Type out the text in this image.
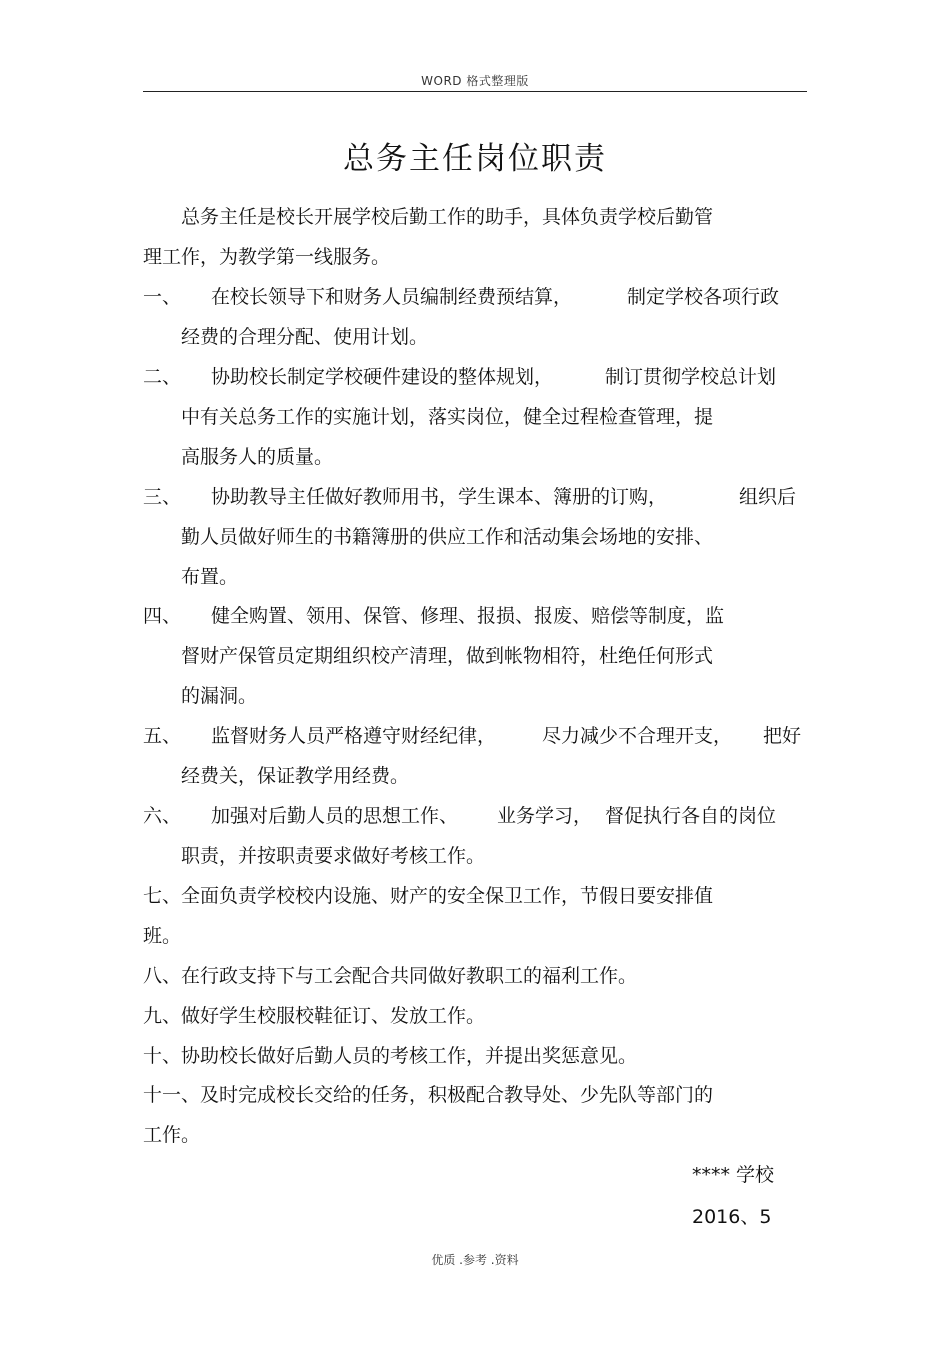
WORD 格式整理版
总务主任岗位职责
总务主任是校长开展学校后勤工作的助手，具体负责学校后勤管
理工作，为教学第一线服务。
一、 在校长领导下和财务人员编制经费预结算，	制定学校各项行政
经费的合理分配、使用计划。
二、 协助校长制定学校硬件建设的整体规划，	制订贯彻学校总计划
中有关总务工作的实施计划，落实岗位，健全过程检查管理，提
高服务人的质量。
三、 协助教导主任做好教师用书，学生课本、簿册的订购，	组织后
勤人员做好师生的书籍簿册的供应工作和活动集会场地的安排、
布置。
四、 健全购置、领用、保管、修理、报损、报废、赔偿等制度，监
督财产保管员定期组织校产清理，做到帐物相符，杜绝任何形式
的漏洞。
五、 监督财务人员严格遵守财经纪律， 尽力减少不合理开支， 把好
经费关，保证教学用经费。
六、 加强对后勤人员的思想工作、 业务学习， 督促执行各自的岗位
职责，并按职责要求做好考核工作。
七、全面负责学校校内设施、财产的安全保卫工作，节假日要安排值
班。
八、在行政支持下与工会配合共同做好教职工的福利工作。
九、做好学生校服校鞋征订、发放工作。
十、协助校长做好后勤人员的考核工作，并提出奖惩意见。
十一、及时完成校长交给的任务，积极配合教导处、少先队等部门的
工作。
**** 学校
2016、5
优质 .参考 .资料
